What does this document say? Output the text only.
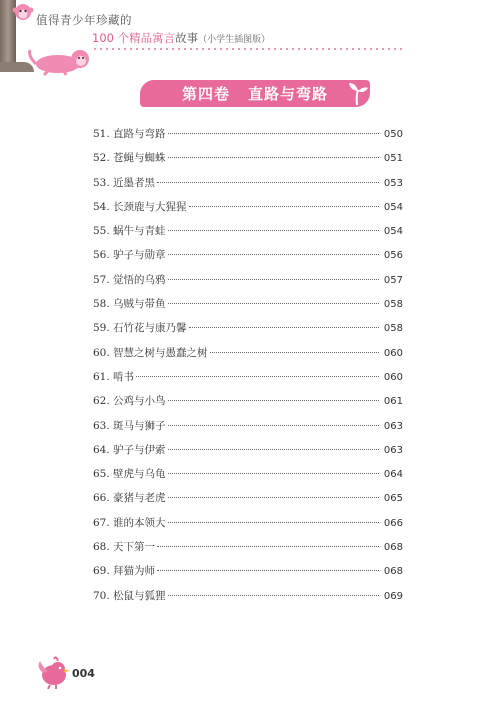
值得青少年珍藏的
100 个精品寓言故事（小学生插图版）
第四卷 直路与弯路
51. 直路与弯路	050
52. 苍蝇与蜘蛛	051
53. 近墨者黑	053
54. 长颈鹿与大猩猩	054
55. 蜗牛与青蛙	054
56. 驴子与勋章	056
57. 觉悟的乌鸦	057
58. 乌贼与带鱼	058
59. 石竹花与康乃馨	058
60. 智慧之树与愚蠢之树	060
61. 啃书	060
62. 公鸡与小鸟	061
63. 斑马与狮子	063
64. 驴子与伊索	063
65. 壁虎与乌龟	064
66. 豪猪与老虎	065
67. 谁的本领大	066
68. 天下第一	068
69. 拜猫为师	068
70. 松鼠与狐狸	069
004
